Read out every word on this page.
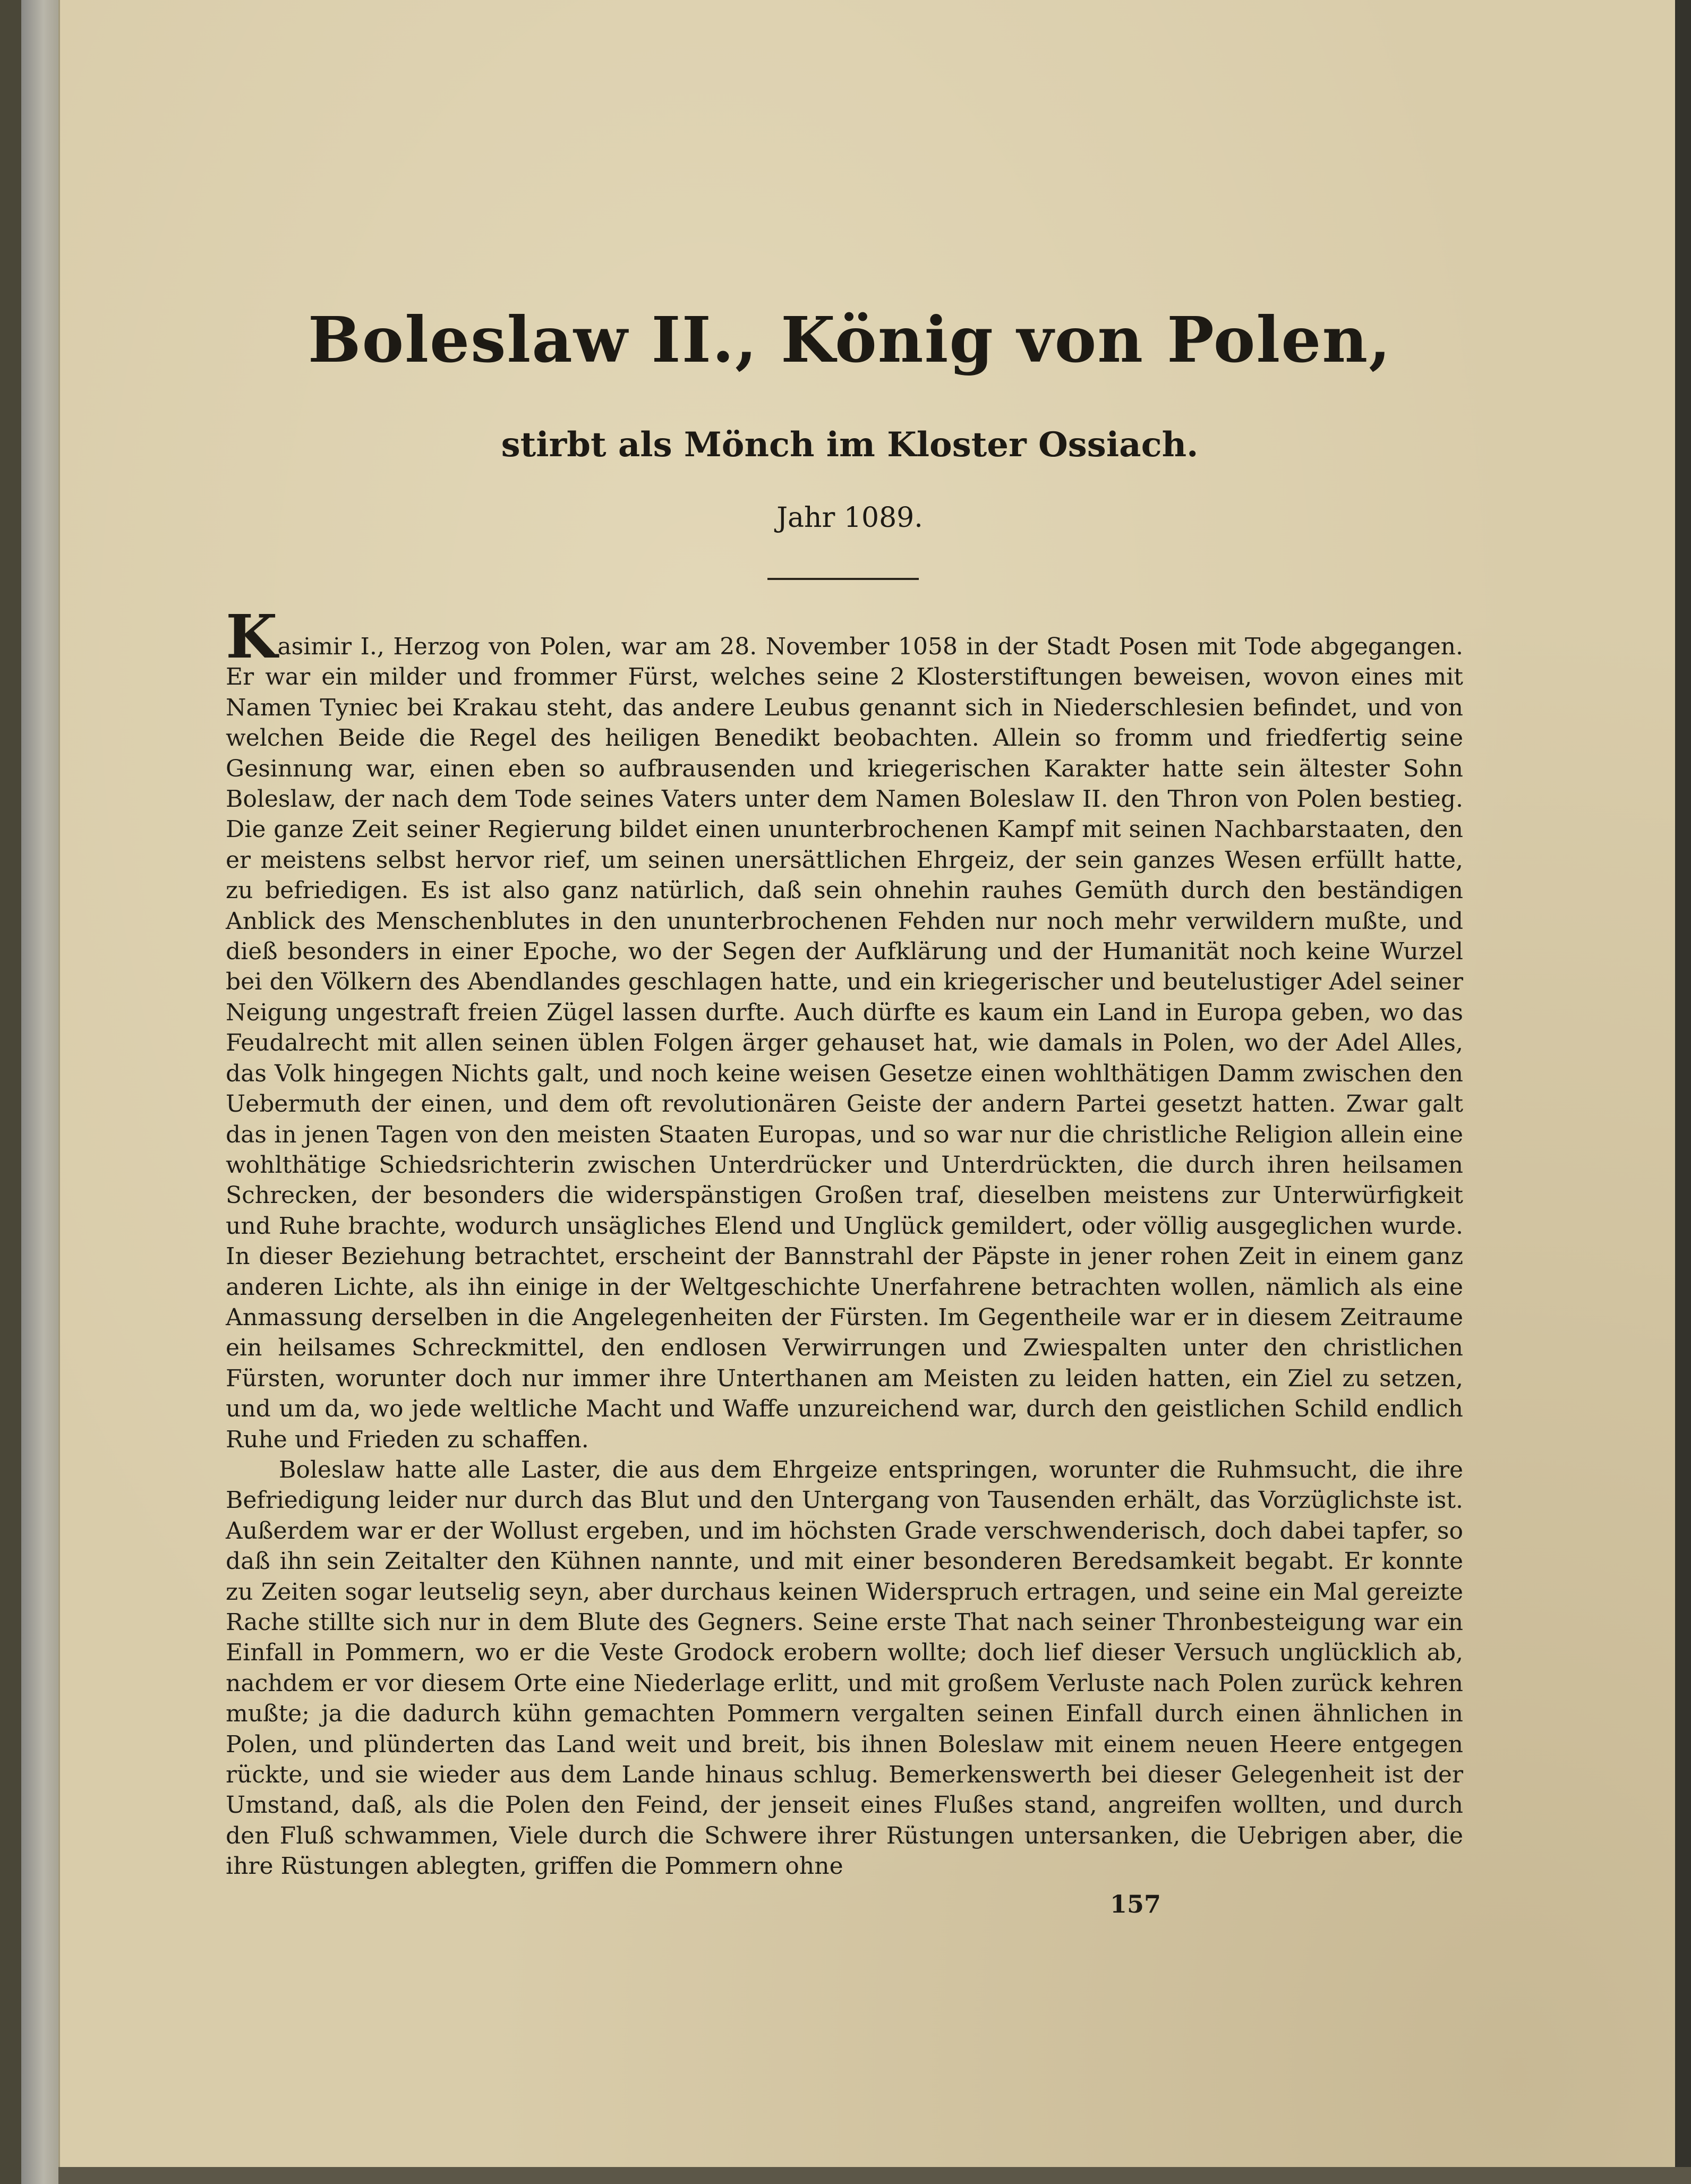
Boleslaw II., König von Polen,
stirbt als Mönch im Kloster Ossiach.
Jahr 1089.

Kasimir I., Herzog von Polen, war am 28. November 1058 in der Stadt Posen mit Tode abgegangen. Er war ein milder und frommer Fürst, welches seine 2 Klosterstiftungen beweisen, wovon eines mit Namen Tyniec bei Krakau steht, das andere Leubus genannt sich in Niederschlesien befindet, und von welchen Beide die Regel des heiligen Benedikt beobachten. Allein so fromm und friedfertig seine Gesinnung war, einen eben so aufbrausenden und kriegerischen Karakter hatte sein ältester Sohn Boleslaw, der nach dem Tode seines Vaters unter dem Namen Boleslaw II. den Thron von Polen bestieg. Die ganze Zeit seiner Regierung bildet einen ununterbrochenen Kampf mit seinen Nachbarstaaten, den er meistens selbst hervor rief, um seinen unersättlichen Ehrgeiz, der sein ganzes Wesen erfüllt hatte, zu befriedigen. Es ist also ganz natürlich, daß sein ohnehin rauhes Gemüth durch den beständigen Anblick des Menschenblutes in den ununterbrochenen Fehden nur noch mehr verwildern mußte, und dieß besonders in einer Epoche, wo der Segen der Aufklärung und der Humanität noch keine Wurzel bei den Völkern des Abendlandes geschlagen hatte, und ein kriegerischer und beutelustiger Adel seiner Neigung ungestraft freien Zügel lassen durfte. Auch dürfte es kaum ein Land in Europa geben, wo das Feudalrecht mit allen seinen üblen Folgen ärger gehauset hat, wie damals in Polen, wo der Adel Alles, das Volk hingegen Nichts galt, und noch keine weisen Gesetze einen wohlthätigen Damm zwischen den Uebermuth der einen, und dem oft revolutionären Geiste der andern Partei gesetzt hatten. Zwar galt das in jenen Tagen von den meisten Staaten Europas, und so war nur die christliche Religion allein eine wohlthätige Schiedsrichterin zwischen Unterdrücker und Unterdrückten, die durch ihren heilsamen Schrecken, der besonders die widerspänstigen Großen traf, dieselben meistens zur Unterwürfigkeit und Ruhe brachte, wodurch unsägliches Elend und Unglück gemildert, oder völlig ausgeglichen wurde. In dieser Beziehung betrachtet, erscheint der Bannstrahl der Päpste in jener rohen Zeit in einem ganz anderen Lichte, als ihn einige in der Weltgeschichte Unerfahrene betrachten wollen, nämlich als eine Anmassung derselben in die Angelegenheiten der Fürsten. Im Gegentheile war er in diesem Zeitraume ein heilsames Schreckmittel, den endlosen Verwirrungen und Zwiespalten unter den christlichen Fürsten, worunter doch nur immer ihre Unterthanen am Meisten zu leiden hatten, ein Ziel zu setzen, und um da, wo jede weltliche Macht und Waffe unzureichend war, durch den geistlichen Schild endlich Ruhe und Frieden zu schaffen.

Boleslaw hatte alle Laster, die aus dem Ehrgeize entspringen, worunter die Ruhmsucht, die ihre Befriedigung leider nur durch das Blut und den Untergang von Tausenden erhält, das Vorzüglichste ist. Außerdem war er der Wollust ergeben, und im höchsten Grade verschwenderisch, doch dabei tapfer, so daß ihn sein Zeitalter den Kühnen nannte, und mit einer besonderen Beredsamkeit begabt. Er konnte zu Zeiten sogar leutselig seyn, aber durchaus keinen Widerspruch ertragen, und seine ein Mal gereizte Rache stillte sich nur in dem Blute des Gegners. Seine erste That nach seiner Thronbesteigung war ein Einfall in Pommern, wo er die Veste Grodock erobern wollte; doch lief dieser Versuch unglücklich ab, nachdem er vor diesem Orte eine Niederlage erlitt, und mit großem Verluste nach Polen zurück kehren mußte; ja die dadurch kühn gemachten Pommern vergalten seinen Einfall durch einen ähnlichen in Polen, und plünderten das Land weit und breit, bis ihnen Boleslaw mit einem neuen Heere entgegen rückte, und sie wieder aus dem Lande hinaus schlug. Bemerkenswerth bei dieser Gelegenheit ist der Umstand, daß, als die Polen den Feind, der jenseit eines Flußes stand, angreifen wollten, und durch den Fluß schwammen, Viele durch die Schwere ihrer Rüstungen untersanken, die Uebrigen aber, die ihre Rüstungen ablegten, griffen die Pommern ohne

157
